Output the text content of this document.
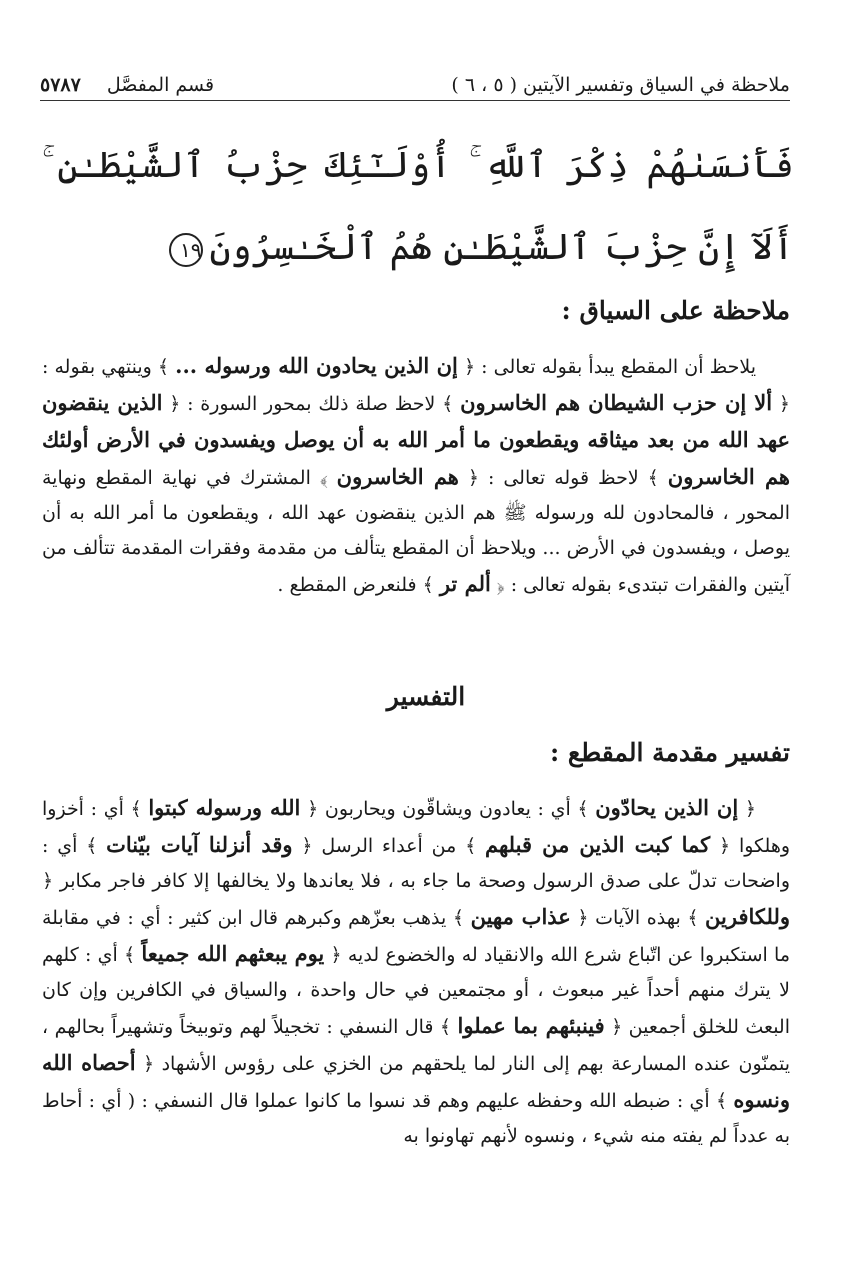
ملاحظة في السياق وتفسير الآيتين ( ٥ ، ٦ )
قسم المفصَّل
٥٧٨٧
فَأَنسَىٰهُمْ ذِكْرَ ٱللَّهِ ۚ أُوْلَـٰٓئِكَ حِزْبُ ٱلشَّيْطَـٰنِ ۚ أَلَآ إِنَّ حِزْبَ ٱلشَّيْطَـٰنِ هُمُ ٱلْخَـٰسِرُونَ١٩
ملاحظة على السياق :
يلاحظ أن المقطع يبدأ بقوله تعالى : ﴿ إن الذين يحادون الله ورسوله ... ﴾ وينتهي بقوله : ﴿ ألا إن حزب الشيطان هم الخاسرون ﴾ لاحظ صلة ذلك بمحور السورة : ﴿ الذين ينقضون عهد الله من بعد ميثاقه ويقطعون ما أمر الله به أن يوصل ويفسدون في الأرض أولئك هم الخاسرون ﴾ لاحظ قوله تعالى : ﴿ هم الخاسرون ﴾ المشترك في نهاية المقطع ونهاية المحور ، فالمحادون لله ورسوله ﷺ هم الذين ينقضون عهد الله ، ويقطعون ما أمر الله به أن يوصل ، ويفسدون في الأرض ... ويلاحظ أن المقطع يتألف من مقدمة وفقرات المقدمة تتألف من آيتين والفقرات تبتدىء بقوله تعالى : ﴿ ألم تر ﴾ فلنعرض المقطع .
التفسير
تفسير مقدمة المقطع :
﴿ إن الذين يحادّون ﴾ أي : يعادون ويشاقّون ويحاربون ﴿ الله ورسوله كبتوا ﴾ أي : أخزوا وهلكوا ﴿ كما كبت الذين من قبلهم ﴾ من أعداء الرسل ﴿ وقد أنزلنا آيات بيّنات ﴾ أي : واضحات تدلّ على صدق الرسول وصحة ما جاء به ، فلا يعاندها ولا يخالفها إلا كافر فاجر مكابر ﴿ وللكافرين ﴾ بهذه الآيات ﴿ عذاب مهين ﴾ يذهب بعزّهم وكبرهم قال ابن كثير : أي : في مقابلة ما استكبروا عن اتّباع شرع الله والانقياد له والخضوع لديه ﴿ يوم يبعثهم الله جميعاً ﴾ أي : كلهم لا يترك منهم أحداً غير مبعوث ، أو مجتمعين في حال واحدة ، والسياق في الكافرين وإن كان البعث للخلق أجمعين ﴿ فينبئهم بما عملوا ﴾ قال النسفي : تخجيلاً لهم وتوبيخاً وتشهيراً بحالهم ، يتمنّون عنده المسارعة بهم إلى النار لما يلحقهم من الخزي على رؤوس الأشهاد ﴿ أحصاه الله ونسوه ﴾ أي : ضبطه الله وحفظه عليهم وهم قد نسوا ما كانوا عملوا قال النسفي : ( أي : أحاط به عدداً لم يفته منه شيء ، ونسوه لأنهم تهاونوا به
